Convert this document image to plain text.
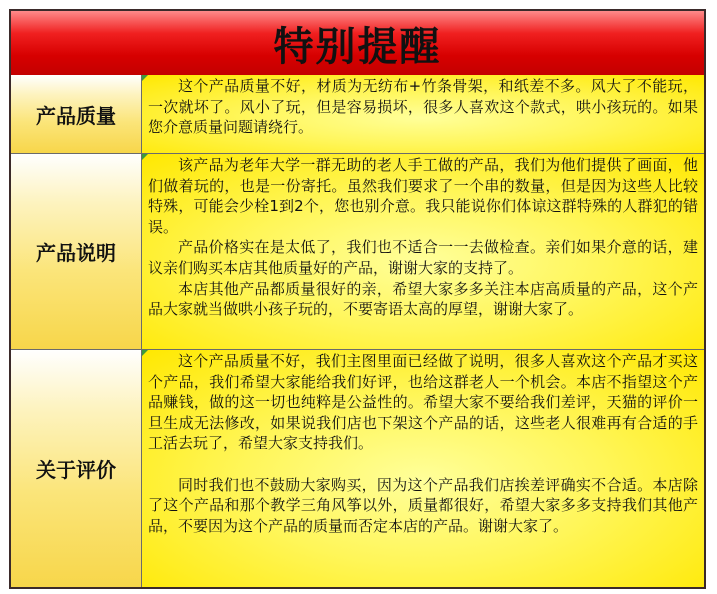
特别提醒
产品质量

这个产品质量不好，材质为无纺布+竹条骨架，和纸差不多。风大了不能玩，一次就坏了。风小了玩，但是容易损坏，很多人喜欢这个款式，哄小孩玩的。如果您介意质量问题请绕行。

产品说明

该产品为老年大学一群无助的老人手工做的产品，我们为他们提供了画面，他们做着玩的，也是一份寄托。虽然我们要求了一个串的数量，但是因为这些人比较特殊，可能会少栓1到2个，您也别介意。我只能说你们体谅这群特殊的人群犯的错误。

产品价格实在是太低了，我们也不适合一一去做检查。亲们如果介意的话，建议亲们购买本店其他质量好的产品，谢谢大家的支持了。

本店其他产品都质量很好的亲，希望大家多多关注本店高质量的产品，这个产品大家就当做哄小孩子玩的，不要寄语太高的厚望，谢谢大家了。

关于评价

这个产品质量不好，我们主图里面已经做了说明，很多人喜欢这个产品才买这个产品，我们希望大家能给我们好评，也给这群老人一个机会。本店不指望这个产品赚钱，做的这一切也纯粹是公益性的。希望大家不要给我们差评，天猫的评价一旦生成无法修改，如果说我们店也下架这个产品的话，这些老人很难再有合适的手工活去玩了，希望大家支持我们。

同时我们也不鼓励大家购买，因为这个产品我们店挨差评确实不合适。本店除了这个产品和那个教学三角风筝以外，质量都很好，希望大家多多支持我们其他产品，不要因为这个产品的质量而否定本店的产品。谢谢大家了。
